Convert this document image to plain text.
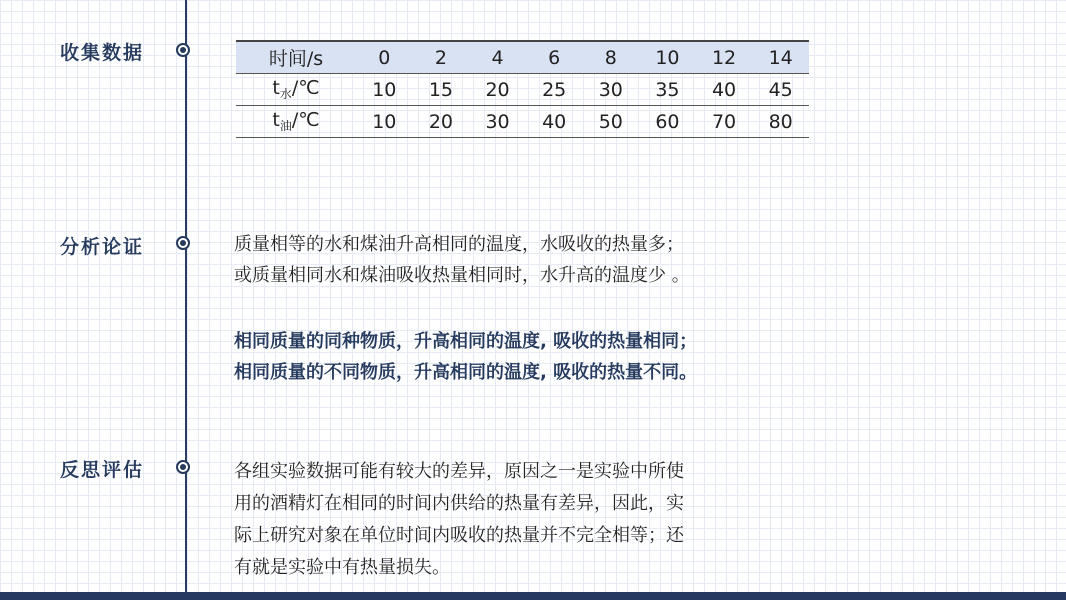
收集数据	时间/s	0	2	4	6	8	10	12	14
$t_水/℃$	10	15	20	25	30	35	40	45
$t_油/℃$	10	20	30	40	50	60	70	80
分析论证	质量相等的水和煤油升高相同的温度，水吸收的热量多；
或质量相同水和煤油吸收热量相同时，水升高的温度少 。
相同质量的同种物质，升高相同的温度, 吸收的热量相同；
相同质量的不同物质，升高相同的温度, 吸收的热量不同。
反思评估	各组实验数据可能有较大的差异，原因之一是实验中所使
用的酒精灯在相同的时间内供给的热量有差异，因此，实
际上研究对象在单位时间内吸收的热量并不完全相等；还
有就是实验中有热量损失。
